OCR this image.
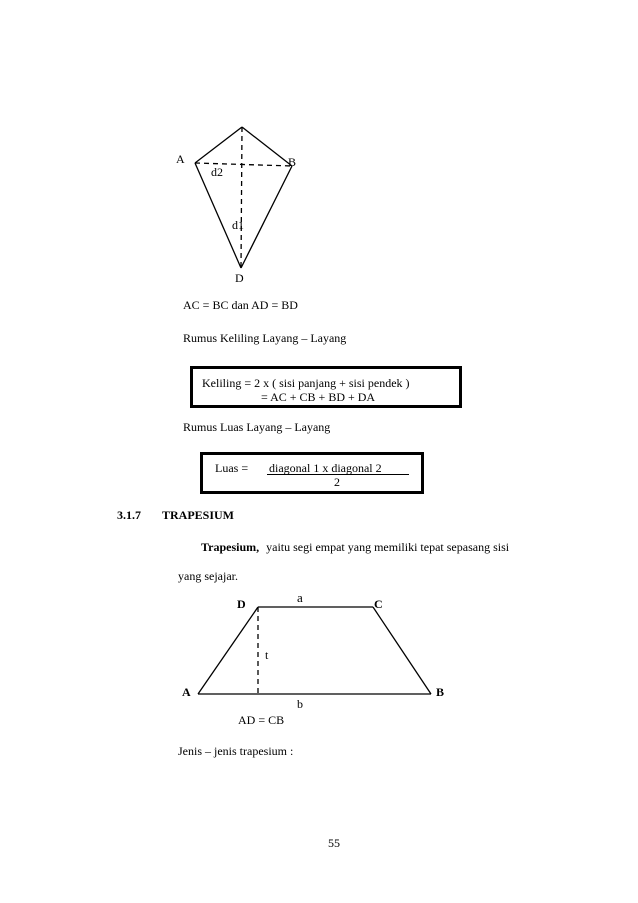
A	B
D
d2
d1
AC = BC dan AD = BD
Rumus Keliling Layang – Layang
Keliling = 2 x ( sisi panjang + sisi pendek )
= AC + CB + BD + DA
Rumus Luas Layang – Layang
Luas = diagonal 1 x diagonal 2
2
3.1.7 TRAPESIUM
Trapesium, yaitu segi empat yang memiliki tepat sepasang sisi
yang sejajar.
D	C
A	B
a
b
t
AD = CB
Jenis – jenis trapesium :
55
